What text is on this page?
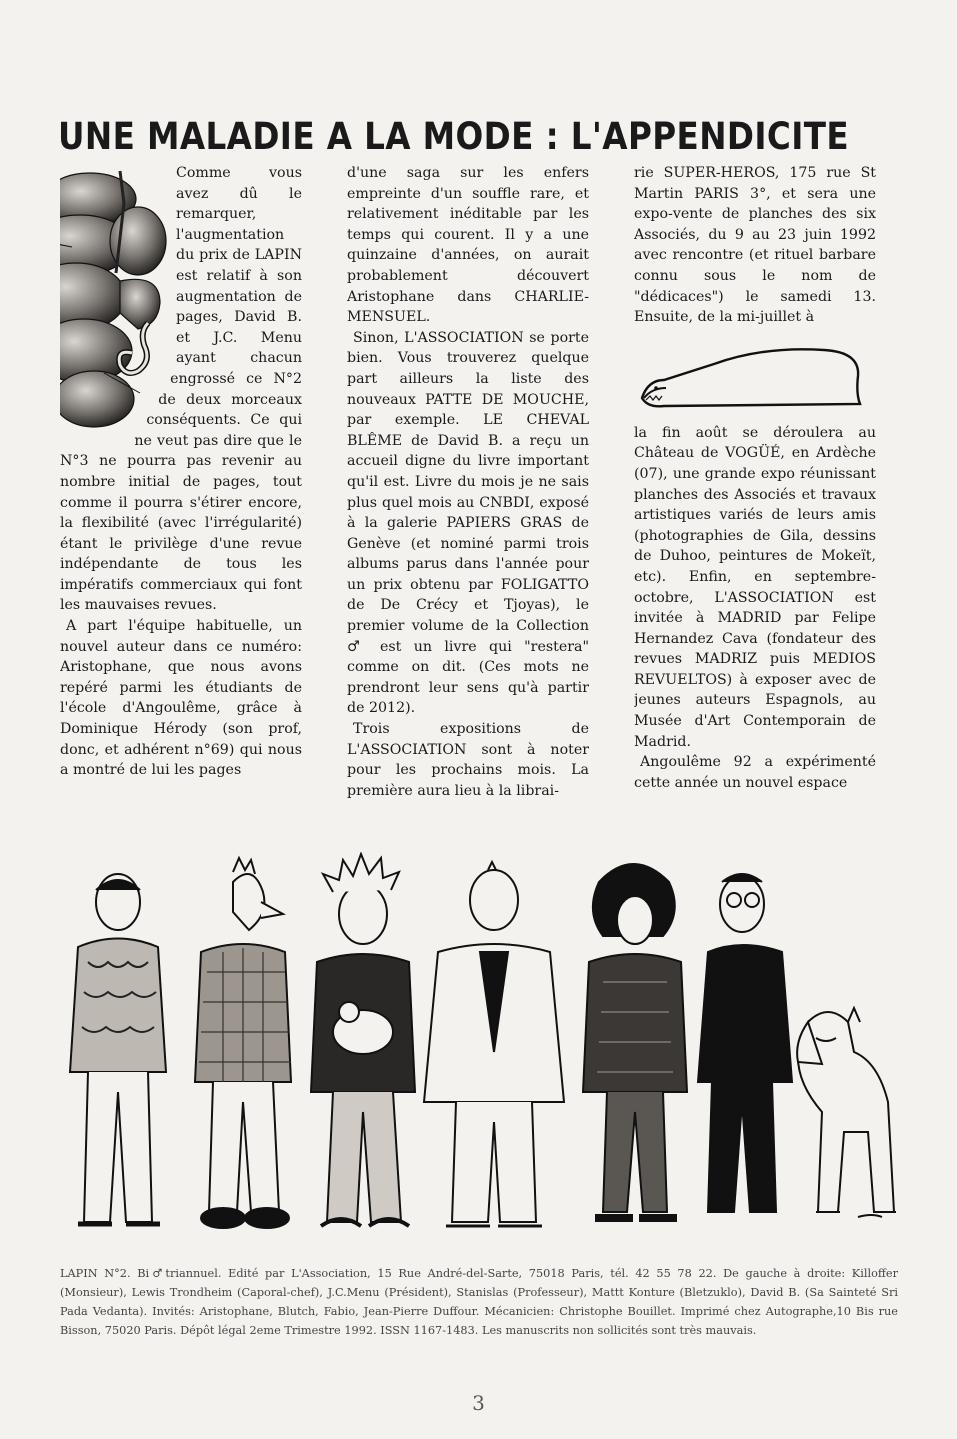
UNE MALADIE A LA MODE : L'APPENDICITE

Comme vous avez dû le remarquer, l'augmentation du prix de LAPIN est relatif à son augmentation de pages, David B. et J.C. Menu ayant chacun engrossé ce N°2 de deux morceaux conséquents. Ce qui ne veut pas dire que le N°3 ne pourra pas revenir au nombre initial de pages, tout comme il pourra s'étirer encore, la flexibilité (avec l'irrégularité) étant le privilège d'une revue indépendante de tous les impératifs commerciaux qui font les mauvaises revues.

A part l'équipe habituelle, un nouvel auteur dans ce numéro: Aristophane, que nous avons repéré parmi les étudiants de l'école d'Angoulême, grâce à Dominique Hérody (son prof, donc, et adhérent n°69) qui nous a montré de lui les pages

d'une saga sur les enfers empreinte d'un souffle rare, et relativement inéditable par les temps qui courent. Il y a une quinzaine d'années, on aurait probablement découvert Aristophane dans CHARLIE-MENSUEL.

Sinon, L'ASSOCIATION se porte bien. Vous trouverez quelque part ailleurs la liste des nouveaux PATTE DE MOUCHE, par exemple. LE CHEVAL BLÊME de David B. a reçu un accueil digne du livre important qu'il est. Livre du mois je ne sais plus quel mois au CNBDI, exposé à la galerie PAPIERS GRAS de Genève (et nominé parmi trois albums parus dans l'année pour un prix obtenu par FOLIGATTO de De Crécy et Tjoyas), le premier volume de la Collection ♂ est un livre qui "restera" comme on dit. (Ces mots ne prendront leur sens qu'à partir de 2012).

Trois expositions de L'ASSOCIATION sont à noter pour les prochains mois. La première aura lieu à la librai-

rie SUPER-HEROS, 175 rue St Martin PARIS 3°, et sera une expo-vente de planches des six Associés, du 9 au 23 juin 1992 avec rencontre (et rituel barbare connu sous le nom de "dédicaces") le samedi 13. Ensuite, de la mi-juillet à

la fin août se déroulera au Château de VOGÜÉ, en Ardèche (07), une grande expo réunissant planches des Associés et travaux artistiques variés de leurs amis (photographies de Gila, dessins de Duhoo, peintures de Mokeït, etc). Enfin, en septembre-octobre, L'ASSOCIATION est invitée à MADRID par Felipe Hernandez Cava (fondateur des revues MADRIZ puis MEDIOS REVUELTOS) à exposer avec de jeunes auteurs Espagnols, au Musée d'Art Contemporain de Madrid.

Angoulême 92 a expérimenté cette année un nouvel espace

LAPIN N°2. Bi♂triannuel. Edité par L'Association, 15 Rue André-del-Sarte, 75018 Paris, tél. 42 55 78 22. De gauche à droite: Killoffer (Monsieur), Lewis Trondheim (Caporal-chef), J.C.Menu (Président), Stanislas (Professeur), Mattt Konture (Bletzuklo), David B. (Sa Sainteté Sri Pada Vedanta). Invités: Aristophane, Blutch, Fabio, Jean-Pierre Duffour. Mécanicien: Christophe Bouillet. Imprimé chez Autographe,10 Bis rue Bisson, 75020 Paris. Dépôt légal 2eme Trimestre 1992. ISSN 1167-1483. Les manuscrits non sollicités sont très mauvais.

3
